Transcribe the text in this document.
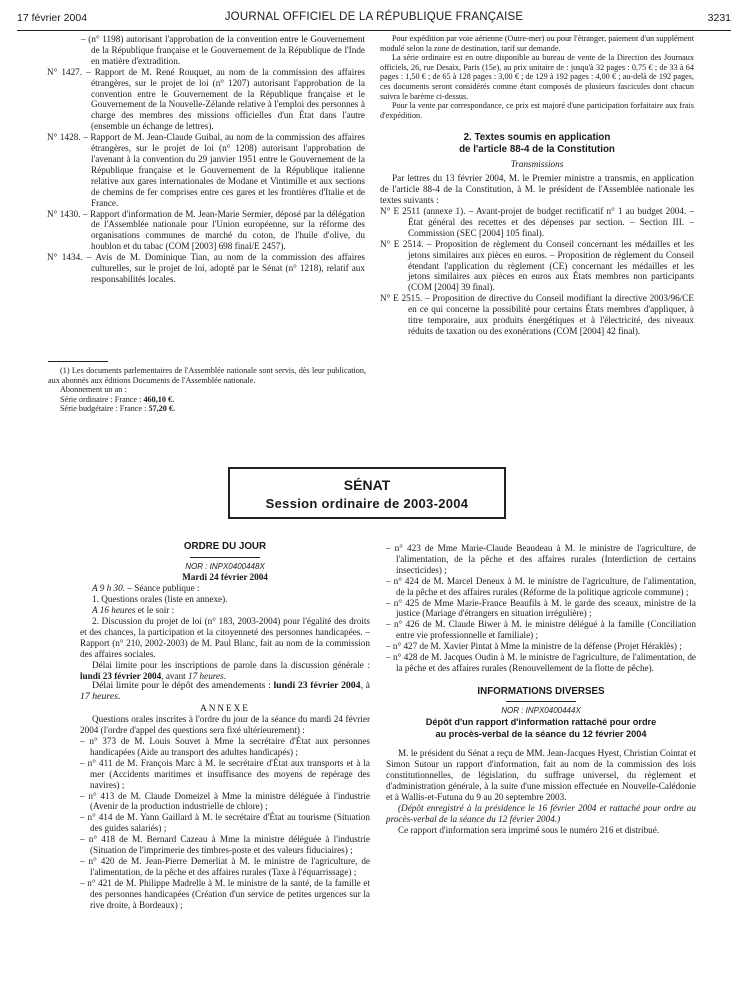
17 février 2004	JOURNAL OFFICIEL DE LA RÉPUBLIQUE FRANÇAISE	3231

– (n° 1198) autorisant l'approbation de la convention entre le Gouvernement de la République française et le Gouvernement de la République de l'Inde en matière d'extradition.

N° 1427. – Rapport de M. René Rouquet, au nom de la commission des affaires étrangères, sur le projet de loi (n° 1207) autorisant l'approbation de la convention entre le Gouvernement de la République française et le Gouvernement de la Nouvelle-Zélande relative à l'emploi des personnes à charge des membres des missions officielles d'un État dans l'autre (ensemble un échange de lettres).

N° 1428. – Rapport de M. Jean-Claude Guibal, au nom de la commission des affaires étrangères, sur le projet de loi (n° 1208) autorisant l'approbation de l'avenant à la convention du 29 janvier 1951 entre le Gouvernement de la République française et le Gouvernement de la République italienne relative aux gares internationales de Modane et Vintimille et aux sections de chemins de fer comprises entre ces gares et les frontières d'Italie et de France.

N° 1430. – Rapport d'information de M. Jean-Marie Sermier, déposé par la délégation de l'Assemblée nationale pour l'Union européenne, sur la réforme des organisations communes de marché du coton, de l'huile d'olive, du houblon et du tabac (COM [2003] 698 final/E 2457).

N° 1434. – Avis de M. Dominique Tian, au nom de la commission des affaires culturelles, sur le projet de loi, adopté par le Sénat (n° 1218), relatif aux responsabilités locales.

(1) Les documents parlementaires de l'Assemblée nationale sont servis, dès leur publication, aux abonnés aux éditions Documents de l'Assemblée nationale.

Abonnement un an :

Série ordinaire : France : 460,10 €.

Série budgétaire : France : 57,20 €.

Pour expédition par voie aérienne (Outre-mer) ou pour l'étranger, paiement d'un supplément modulé selon la zone de destination, tarif sur demande.

La série ordinaire est en outre disponible au bureau de vente de la Direction des Journaux officiels, 26, rue Desaix, Paris (15e), au prix unitaire de : jusqu'à 32 pages : 0,75 € ; de 33 à 64 pages : 1,50 € ; de 65 à 128 pages : 3,00 € ; de 129 à 192 pages : 4,00 € ; au-delà de 192 pages, ces documents seront considérés comme étant composés de plusieurs fascicules dont chacun suivra le barème ci-dessus.

Pour la vente par correspondance, ce prix est majoré d'une participation forfaitaire aux frais d'expédition.

2. Textes soumis en application

de l'article 88-4 de la Constitution

Transmissions

Par lettres du 13 février 2004, M. le Premier ministre a transmis, en application de l'article 88-4 de la Constitution, à M. le président de l'Assemblée nationale les textes suivants :

N° E 2511 (annexe 1). – Avant-projet de budget rectificatif n° 1 au budget 2004. – État général des recettes et des dépenses par section. – Section III. – Commission (SEC [2004] 105 final).

N° E 2514. – Proposition de règlement du Conseil concernant les médailles et les jetons similaires aux pièces en euros. – Proposition de règlement du Conseil étendant l'application du règlement (CE) concernant les médailles et les jetons similaires aux pièces en euros aux États membres non participants (COM [2004] 39 final).

N° E 2515. – Proposition de directive du Conseil modifiant la directive 2003/96/CE en ce qui concerne la possibilité pour certains États membres d'appliquer, à titre temporaire, aux produits énergétiques et à l'électricité, des niveaux réduits de taxation ou des exonérations (COM [2004] 42 final).

SÉNAT
Session ordinaire de 2003-2004

ORDRE DU JOUR

NOR : INPX0400448X

Mardi 24 février 2004

A 9 h 30. – Séance publique :

1. Questions orales (liste en annexe).

A 16 heures et le soir :

2. Discussion du projet de loi (n° 183, 2003-2004) pour l'égalité des droits et des chances, la participation et la citoyenneté des personnes handicapées. – Rapport (n° 210, 2002-2003) de M. Paul Blanc, fait au nom de la commission des affaires sociales.

Délai limite pour les inscriptions de parole dans la discussion générale : lundi 23 février 2004, avant 17 heures.

Délai limite pour le dépôt des amendements : lundi 23 février 2004, à 17 heures.

ANNEXE

Questions orales inscrites à l'ordre du jour de la séance du mardi 24 février 2004 (l'ordre d'appel des questions sera fixé ultérieurement) :

– n° 373 de M. Louis Souvet à Mme la secrétaire d'État aux personnes handicapées (Aide au transport des adultes handicapés) ;

– n° 411 de M. François Marc à M. le secrétaire d'État aux transports et à la mer (Accidents maritimes et insuffisance des moyens de repérage des navires) ;

– n° 413 de M. Claude Domeizel à Mme la ministre déléguée à l'industrie (Avenir de la production industrielle de chlore) ;

– n° 414 de M. Yann Gaillard à M. le secrétaire d'État au tourisme (Situation des guides salariés) ;

– n° 418 de M. Bernard Cazeau à Mme la ministre déléguée à l'industrie (Situation de l'imprimerie des timbres-poste et des valeurs fiduciaires) ;

– n° 420 de M. Jean-Pierre Demerliat à M. le ministre de l'agriculture, de l'alimentation, de la pêche et des affaires rurales (Taxe à l'équarrissage) ;

– n° 421 de M. Philippe Madrelle à M. le ministre de la santé, de la famille et des personnes handicapées (Création d'un service de petites urgences sur la rive droite, à Bordeaux) ;

– n° 423 de Mme Marie-Claude Beaudeau à M. le ministre de l'agriculture, de l'alimentation, de la pêche et des affaires rurales (Interdiction de certains insecticides) ;

– n° 424 de M. Marcel Deneux à M. le ministre de l'agriculture, de l'alimentation, de la pêche et des affaires rurales (Réforme de la politique agricole commune) ;

– n° 425 de Mme Marie-France Beaufils à M. le garde des sceaux, ministre de la justice (Mariage d'étrangers en situation irrégulière) ;

– n° 426 de M. Claude Biwer à M. le ministre délégué à la famille (Conciliation entre vie professionnelle et familiale) ;

– n° 427 de M. Xavier Pintat à Mme la ministre de la défense (Projet Héraklès) ;

– n° 428 de M. Jacques Oudin à M. le ministre de l'agriculture, de l'alimentation, de la pêche et des affaires rurales (Renouvellement de la flotte de pêche).

INFORMATIONS DIVERSES

NOR : INPX0400444X

Dépôt d'un rapport d'information rattaché pour ordre

au procès-verbal de la séance du 12 février 2004

M. le président du Sénat a reçu de MM. Jean-Jacques Hyest, Christian Cointat et Simon Sutour un rapport d'information, fait au nom de la commission des lois constitutionnelles, de législation, du suffrage universel, du règlement et d'administration générale, à la suite d'une mission effectuée en Nouvelle-Calédonie et à Wallis-et-Futuna du 9 au 20 septembre 2003.

(Dépôt enregistré à la présidence le 16 février 2004 et rattaché pour ordre au procès-verbal de la séance du 12 février 2004.)

Ce rapport d'information sera imprimé sous le numéro 216 et distribué.
